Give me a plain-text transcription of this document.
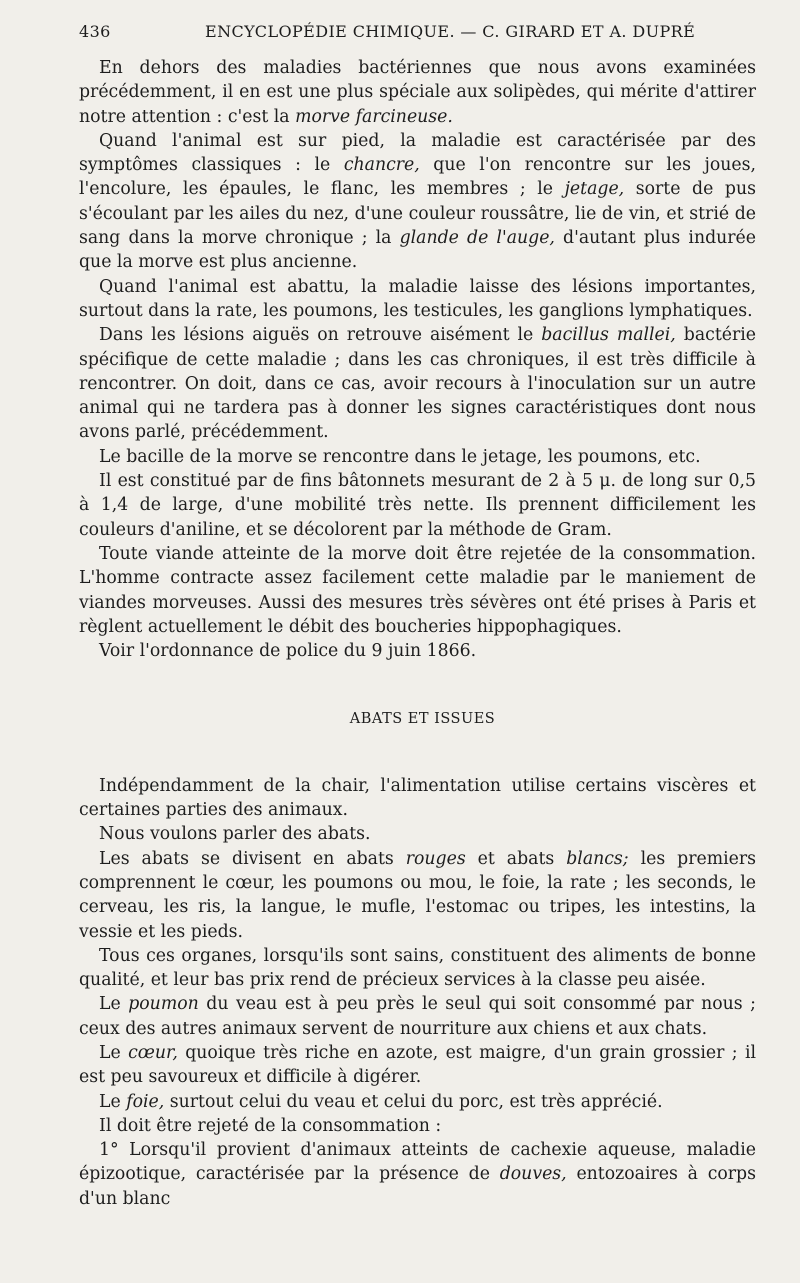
436	ENCYCLOPÉDIE CHIMIQUE. — C. GIRARD ET A. DUPRÉ

En dehors des maladies bactériennes que nous avons examinées précédemment, il en est une plus spéciale aux solipèdes, qui mérite d'attirer notre attention : c'est la morve farcineuse.

Quand l'animal est sur pied, la maladie est caractérisée par des symptômes classiques : le chancre, que l'on rencontre sur les joues, l'encolure, les épaules, le flanc, les membres ; le jetage, sorte de pus s'écoulant par les ailes du nez, d'une couleur roussâtre, lie de vin, et strié de sang dans la morve chronique ; la glande de l'auge, d'autant plus indurée que la morve est plus ancienne.

Quand l'animal est abattu, la maladie laisse des lésions importantes, surtout dans la rate, les poumons, les testicules, les ganglions lymphatiques.

Dans les lésions aiguës on retrouve aisément le bacillus mallei, bactérie spécifique de cette maladie ; dans les cas chroniques, il est très difficile à rencontrer. On doit, dans ce cas, avoir recours à l'inoculation sur un autre animal qui ne tardera pas à donner les signes caractéristiques dont nous avons parlé, précédemment.

Le bacille de la morve se rencontre dans le jetage, les poumons, etc.

Il est constitué par de fins bâtonnets mesurant de 2 à 5 μ. de long sur 0,5 à 1,4 de large, d'une mobilité très nette. Ils prennent difficilement les couleurs d'aniline, et se décolorent par la méthode de Gram.

Toute viande atteinte de la morve doit être rejetée de la consommation. L'homme contracte assez facilement cette maladie par le maniement de viandes morveuses. Aussi des mesures très sévères ont été prises à Paris et règlent actuellement le débit des boucheries hippophagiques.

Voir l'ordonnance de police du 9 juin 1866.

ABATS ET ISSUES

Indépendamment de la chair, l'alimentation utilise certains viscères et certaines parties des animaux.

Nous voulons parler des abats.

Les abats se divisent en abats rouges et abats blancs; les premiers comprennent le cœur, les poumons ou mou, le foie, la rate ; les seconds, le cerveau, les ris, la langue, le mufle, l'estomac ou tripes, les intestins, la vessie et les pieds.

Tous ces organes, lorsqu'ils sont sains, constituent des aliments de bonne qualité, et leur bas prix rend de précieux services à la classe peu aisée.

Le poumon du veau est à peu près le seul qui soit consommé par nous ; ceux des autres animaux servent de nourriture aux chiens et aux chats.

Le cœur, quoique très riche en azote, est maigre, d'un grain grossier ; il est peu savoureux et difficile à digérer.

Le foie, surtout celui du veau et celui du porc, est très apprécié.

Il doit être rejeté de la consommation :

1° Lorsqu'il provient d'animaux atteints de cachexie aqueuse, maladie épizootique, caractérisée par la présence de douves, entozoaires à corps d'un blanc
